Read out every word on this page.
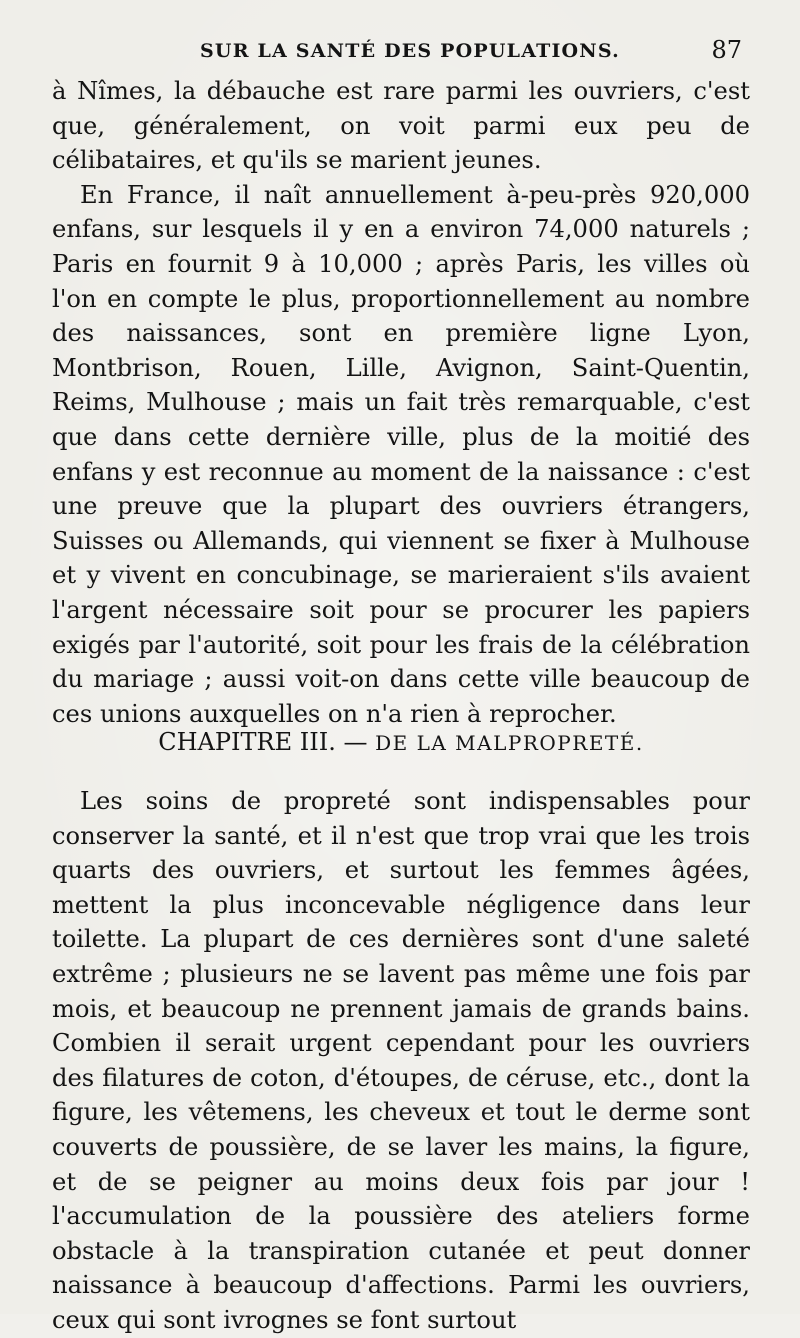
SUR LA SANTÉ DES POPULATIONS.	87

à Nîmes, la débauche est rare parmi les ouvriers, c'est que, généralement, on voit parmi eux peu de célibataires, et qu'ils se marient jeunes.

En France, il naît annuellement à-peu-près 920,000 enfans, sur lesquels il y en a environ 74,000 naturels ; Paris en fournit 9 à 10,000 ; après Paris, les villes où l'on en compte le plus, proportionnellement au nombre des naissances, sont en première ligne Lyon, Montbrison, Rouen, Lille, Avignon, Saint-Quentin, Reims, Mulhouse ; mais un fait très remarquable, c'est que dans cette dernière ville, plus de la moitié des enfans y est reconnue au moment de la naissance : c'est une preuve que la plupart des ouvriers étrangers, Suisses ou Allemands, qui viennent se fixer à Mulhouse et y vivent en concubinage, se marieraient s'ils avaient l'argent nécessaire soit pour se procurer les papiers exigés par l'autorité, soit pour les frais de la célébration du mariage ; aussi voit-on dans cette ville beaucoup de ces unions auxquelles on n'a rien à reprocher.

CHAPITRE III. — DE LA MALPROPRETÉ.

Les soins de propreté sont indispensables pour conserver la santé, et il n'est que trop vrai que les trois quarts des ouvriers, et surtout les femmes âgées, mettent la plus inconcevable négligence dans leur toilette. La plupart de ces dernières sont d'une saleté extrême ; plusieurs ne se lavent pas même une fois par mois, et beaucoup ne prennent jamais de grands bains. Combien il serait urgent cependant pour les ouvriers des filatures de coton, d'étoupes, de céruse, etc., dont la figure, les vêtemens, les cheveux et tout le derme sont couverts de poussière, de se laver les mains, la figure, et de se peigner au moins deux fois par jour ! l'accumulation de la poussière des ateliers forme obstacle à la transpiration cutanée et peut donner naissance à beaucoup d'affections. Parmi les ouvriers, ceux qui sont ivrognes se font surtout
